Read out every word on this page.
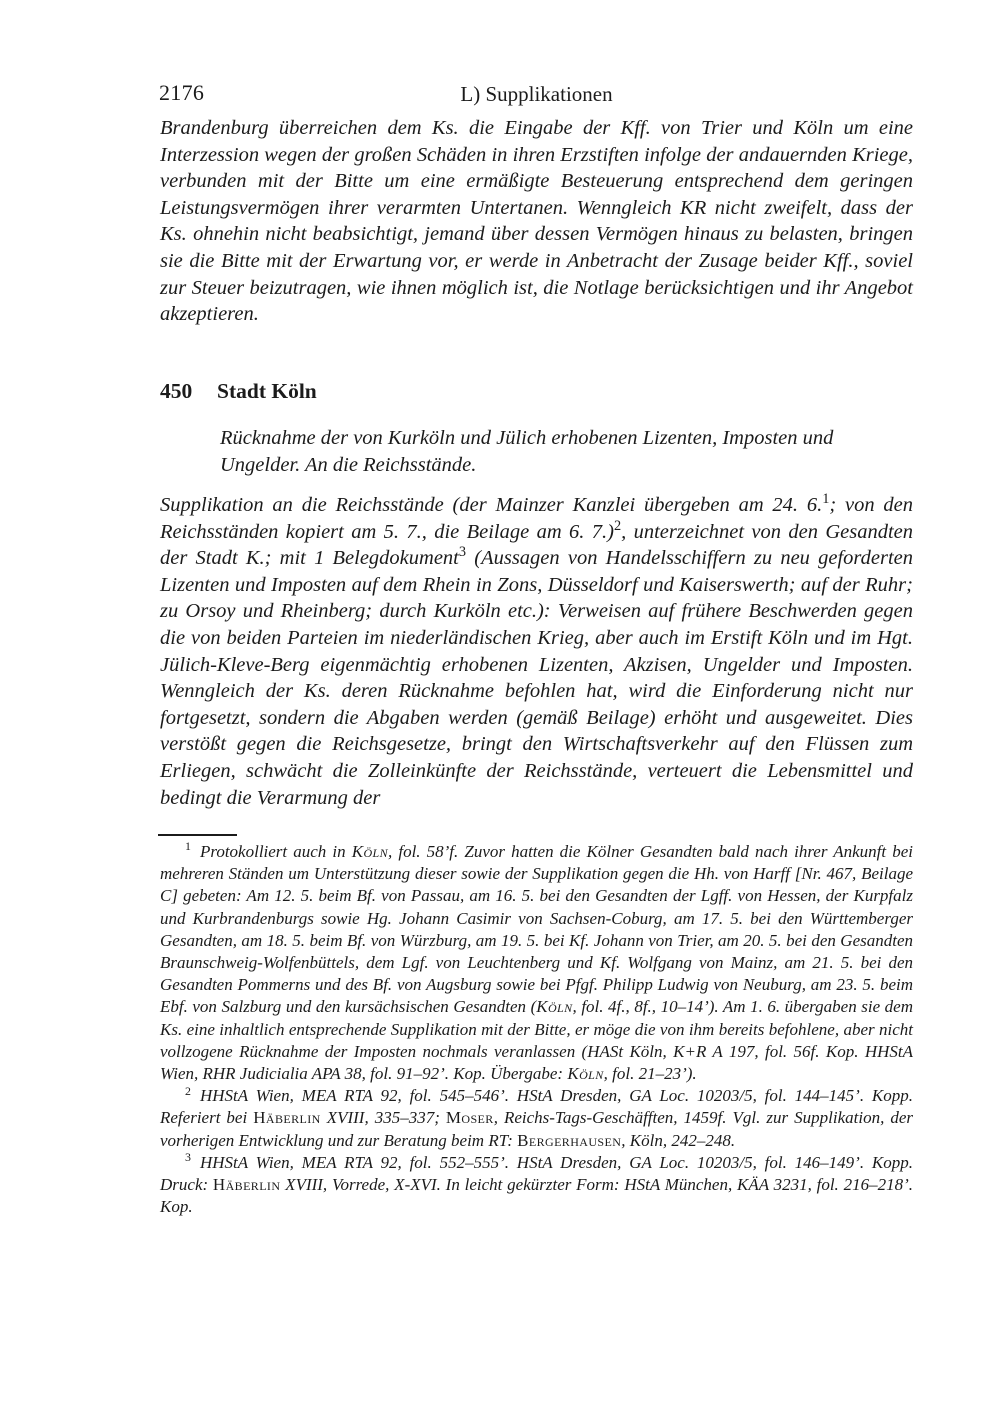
2176	L) Supplikationen
Brandenburg überreichen dem Ks. die Eingabe der Kff. von Trier und Köln um eine Interzession wegen der großen Schäden in ihren Erzstiften infolge der andauernden Kriege, verbunden mit der Bitte um eine ermäßigte Besteuerung entsprechend dem geringen Leistungsvermögen ihrer verarmten Untertanen. Wenngleich KR nicht zweifelt, dass der Ks. ohnehin nicht beabsichtigt, jemand über dessen Vermögen hinaus zu belasten, bringen sie die Bitte mit der Erwartung vor, er werde in Anbetracht der Zusage beider Kff., soviel zur Steuer beizutragen, wie ihnen möglich ist, die Notlage berücksichtigen und ihr Angebot akzeptieren.
450 Stadt Köln
Rücknahme der von Kurköln und Jülich erhobenen Lizenten, Imposten und Ungelder. An die Reichsstände.
Supplikation an die Reichsstände (der Mainzer Kanzlei übergeben am 24. 6.$^1$; von den Reichsständen kopiert am 5. 7., die Beilage am 6. 7.)$^2$, unterzeichnet von den Gesandten der Stadt K.; mit 1 Belegdokument$^3$ (Aussagen von Handelsschiffern zu neu geforderten Lizenten und Imposten auf dem Rhein in Zons, Düsseldorf und Kaiserswerth; auf der Ruhr; zu Orsoy und Rheinberg; durch Kurköln etc.): Verweisen auf frühere Beschwerden gegen die von beiden Parteien im niederländischen Krieg, aber auch im Erstift Köln und im Hgt. Jülich-Kleve-Berg eigenmächtig erhobenen Lizenten, Akzisen, Ungelder und Imposten. Wenngleich der Ks. deren Rücknahme befohlen hat, wird die Einforderung nicht nur fortgesetzt, sondern die Abgaben werden (gemäß Beilage) erhöht und ausgeweitet. Dies verstößt gegen die Reichsgesetze, bringt den Wirtschaftsverkehr auf den Flüssen zum Erliegen, schwächt die Zolleinkünfte der Reichsstände, verteuert die Lebensmittel und bedingt die Verarmung der

$^1$ Protokolliert auch in Köln, fol. 58’f. Zuvor hatten die Kölner Gesandten bald nach ihrer Ankunft bei mehreren Ständen um Unterstützung dieser sowie der Supplikation gegen die Hh. von Harff [Nr. 467, Beilage C] gebeten: Am 12. 5. beim Bf. von Passau, am 16. 5. bei den Gesandten der Lgff. von Hessen, der Kurpfalz und Kurbrandenburgs sowie Hg. Johann Casimir von Sachsen-Coburg, am 17. 5. bei den Württemberger Gesandten, am 18. 5. beim Bf. von Würzburg, am 19. 5. bei Kf. Johann von Trier, am 20. 5. bei den Gesandten Braunschweig-Wolfenbüttels, dem Lgf. von Leuchtenberg und Kf. Wolfgang von Mainz, am 21. 5. bei den Gesandten Pommerns und des Bf. von Augsburg sowie bei Pfgf. Philipp Ludwig von Neuburg, am 23. 5. beim Ebf. von Salzburg und den kursächsischen Gesandten (Köln, fol. 4f., 8f., 10–14’). Am 1. 6. übergaben sie dem Ks. eine inhaltlich entsprechende Supplikation mit der Bitte, er möge die von ihm bereits befohlene, aber nicht vollzogene Rücknahme der Imposten nochmals veranlassen (HASt Köln, K+R A 197, fol. 56f. Kop. HHStA Wien, RHR Judicialia APA 38, fol. 91–92’. Kop. Übergabe: Köln, fol. 21–23’).

$^2$ HHStA Wien, MEA RTA 92, fol. 545–546’. HStA Dresden, GA Loc. 10203/5, fol. 144–145’. Kopp. Referiert bei Häberlin XVIII, 335–337; Moser, Reichs-Tags-Geschäfften, 1459f. Vgl. zur Supplikation, der vorherigen Entwicklung und zur Beratung beim RT: Bergerhausen, Köln, 242–248.

$^3$ HHStA Wien, MEA RTA 92, fol. 552–555’. HStA Dresden, GA Loc. 10203/5, fol. 146–149’. Kopp. Druck: Häberlin XVIII, Vorrede, X-XVI. In leicht gekürzter Form: HStA München, KÄA 3231, fol. 216–218’. Kop.
